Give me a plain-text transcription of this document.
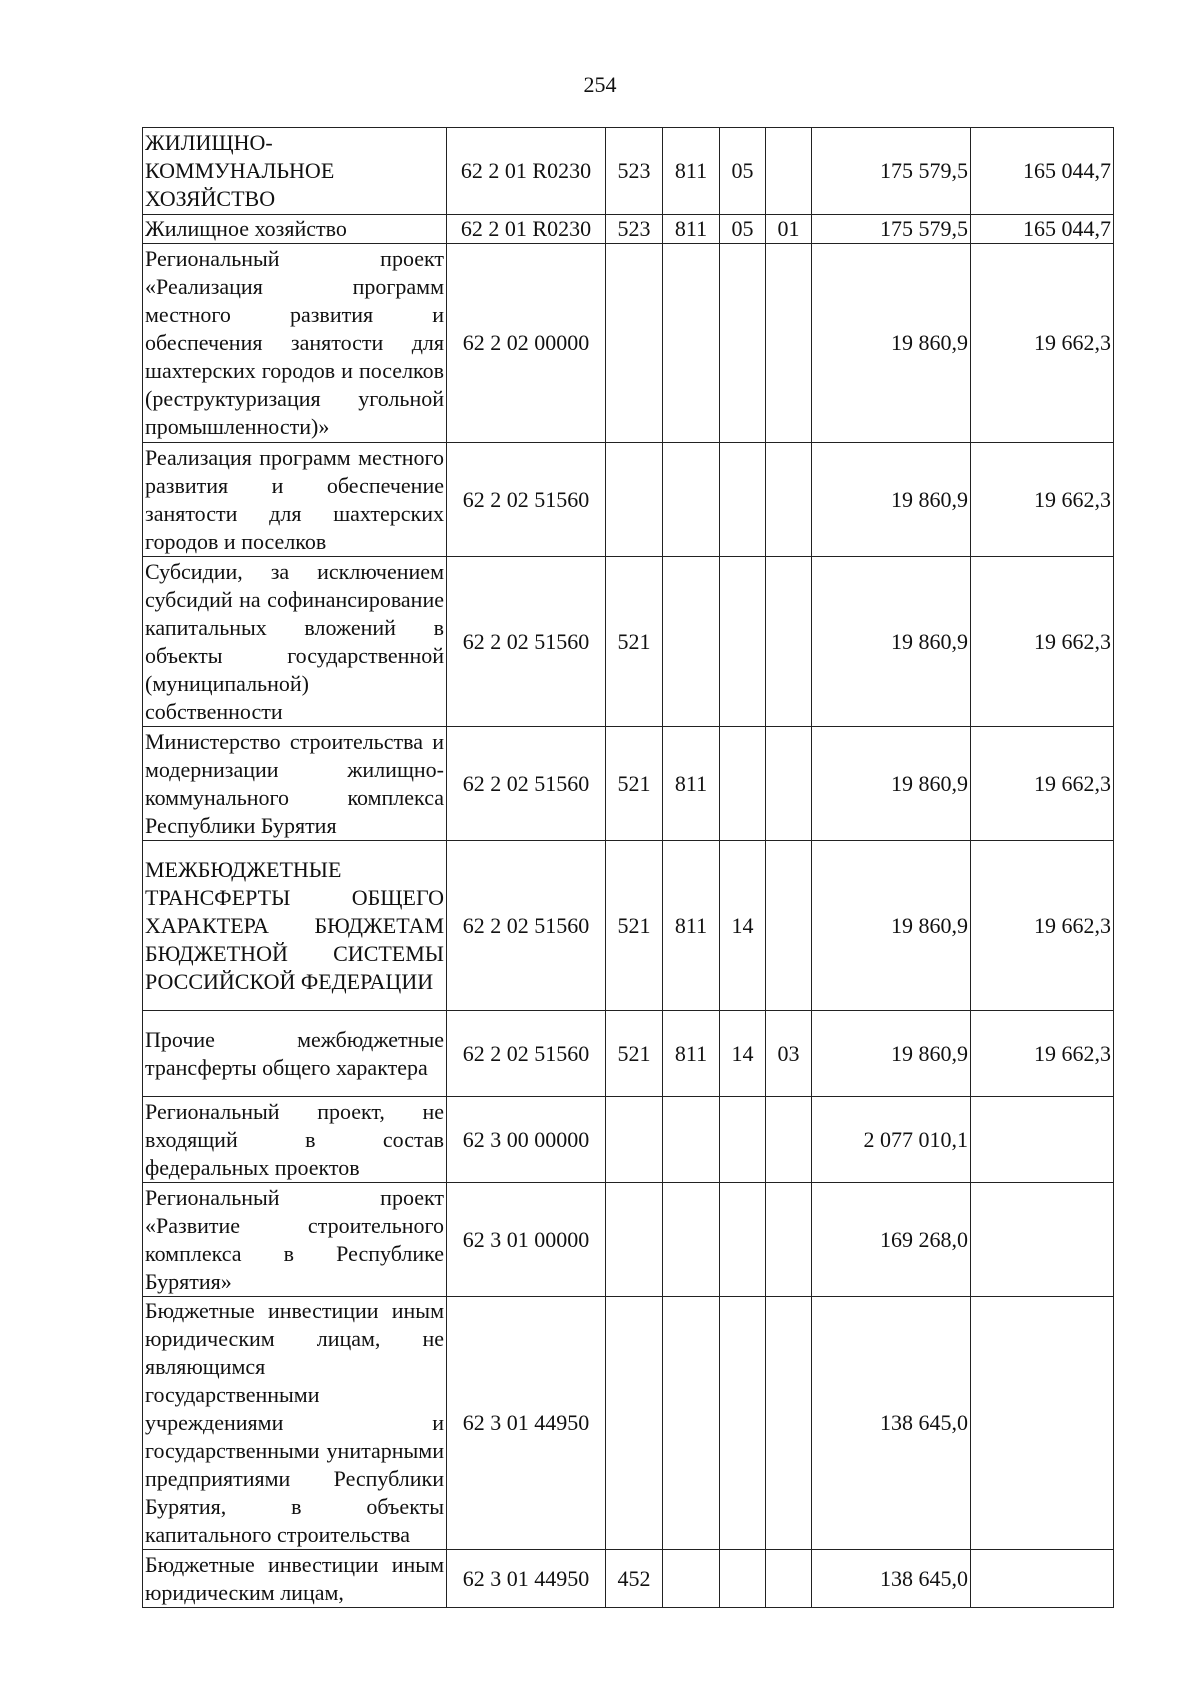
254
ЖИЛИЩНО-КОММУНАЛЬНОЕ ХОЗЯЙСТВО	62 2 01 R0230	523	811	05		175 579,5	165 044,7
Жилищное хозяйство	62 2 01 R0230	523	811	05	01	175 579,5	165 044,7
Региональный проект «Реализация программ местного развития и обеспечения занятости для шахтерских городов и поселков (реструктуризация угольной промышленности)»	62 2 02 00000					19 860,9	19 662,3
Реализация программ местного развития и обеспечение занятости для шахтерских городов и поселков	62 2 02 51560					19 860,9	19 662,3
Субсидии, за исключением субсидий на софинансирование капитальных вложений в объекты государственной (муниципальной) собственности	62 2 02 51560	521				19 860,9	19 662,3
Министерство строительства и модернизации жилищно-коммунального комплекса Республики Бурятия	62 2 02 51560	521	811			19 860,9	19 662,3
МЕЖБЮДЖЕТНЫЕ ТРАНСФЕРТЫ ОБЩЕГО ХАРАКТЕРА БЮДЖЕТАМ БЮДЖЕТНОЙ СИСТЕМЫ РОССИЙСКОЙ ФЕДЕРАЦИИ	62 2 02 51560	521	811	14		19 860,9	19 662,3
Прочие межбюджетные трансферты общего характера	62 2 02 51560	521	811	14	03	19 860,9	19 662,3
Региональный проект, не входящий в состав федеральных проектов	62 3 00 00000					2 077 010,1	
Региональный проект «Развитие строительного комплекса в Республике Бурятия»	62 3 01 00000					169 268,0	
Бюджетные инвестиции иным юридическим лицам, не являющимся государственными учреждениями и государственными унитарными предприятиями Республики Бурятия, в объекты капитального строительства	62 3 01 44950					138 645,0	
Бюджетные инвестиции иным юридическим лицам,	62 3 01 44950	452				138 645,0	
